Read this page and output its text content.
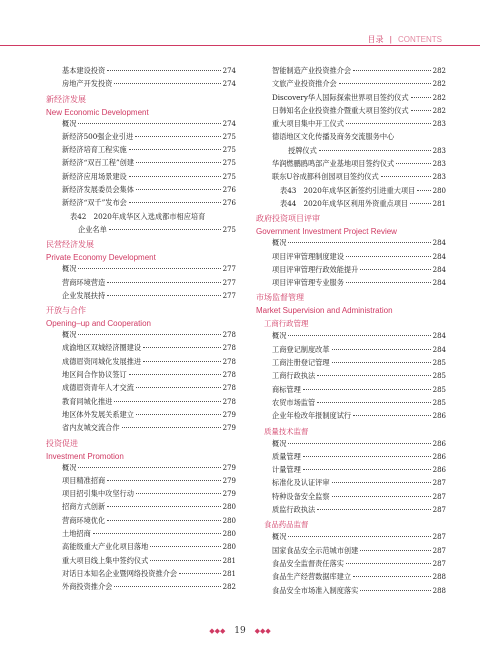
目录 | CONTENTS
基本建设投资	274
房地产开发投资	274
新经济发展
New Economic Development
概况	274
新经济500强企业引进	275
新经济培育工程实施	275
新经济“双百工程”创建	275
新经济应用场景建设	275
新经济发展委员会集体	276
新经济“双千”发布会	276
表42　2020年成华区入选成都市相应培育
企业名单	275
民营经济发展
Private Economy Development
概况	277
营商环境营造	277
企业发展扶持	277
开放与合作
Opening–up and Cooperation
概况	278
成渝地区双城经济圈建设	278
成德眉资同城化发展推进	278
地区间合作协议签订	278
成德眉资青年人才交流	278
教育同城化推进	278
地区体外发展关系建立	279
省内友城交流合作	279
投资促进
Investment Promotion
概况	279
项目精准招商	279
项目招引集中攻坚行动	279
招商方式创新	280
营商环境优化	280
土地招商	280
高能级重大产业化项目落地	280
重大项目线上集中签约仪式	281
对话日本知名企业暨网络投资推介会	281
外商投资推介会	282
智能制造产业投资推介会	282
文旅产业投资推介会	282
Discovery华人国际探索世界项目签约仪式	282
日韩知名企业投资推介暨重大项目签约仪式	282
重大项目集中开工仪式	283
德语地区文化传播及商务交流服务中心
授牌仪式	283
华润燃鹏鸥鸣部产业基地项目签约仪式	283
联东U谷成都科创园项目签约仪式	283
表43　2020年成华区新签约引进重大项目 280
表44　2020年成华区利用外资重点项目	281
政府投资项目评审
Government Investment Project Review
概况	284
项目评审管理制度建设	284
项目评审管理行政效能提升	284
项目评审管理专业服务	284
市场监督管理
Market Supervision and Administration
工商行政管理
概况	284
工商登记制度改革	284
工商注册登记管理	285
工商行政执法	285
商标管理	285
农贸市场监管	285
企业年检改年报制度试行	286
质量技术监督
概况	286
质量管理	286
计量管理	286
标准化及认证评审	287
特种设备安全监察	287
质监行政执法	287
食品药品监督
概况	287
国家食品安全示范城市创建	287
食品安全监督责任落实	287
食品生产经营数据库建立	288
食品安全市场准入制度落实	288
◆◆◆ 19 ◆◆◆
